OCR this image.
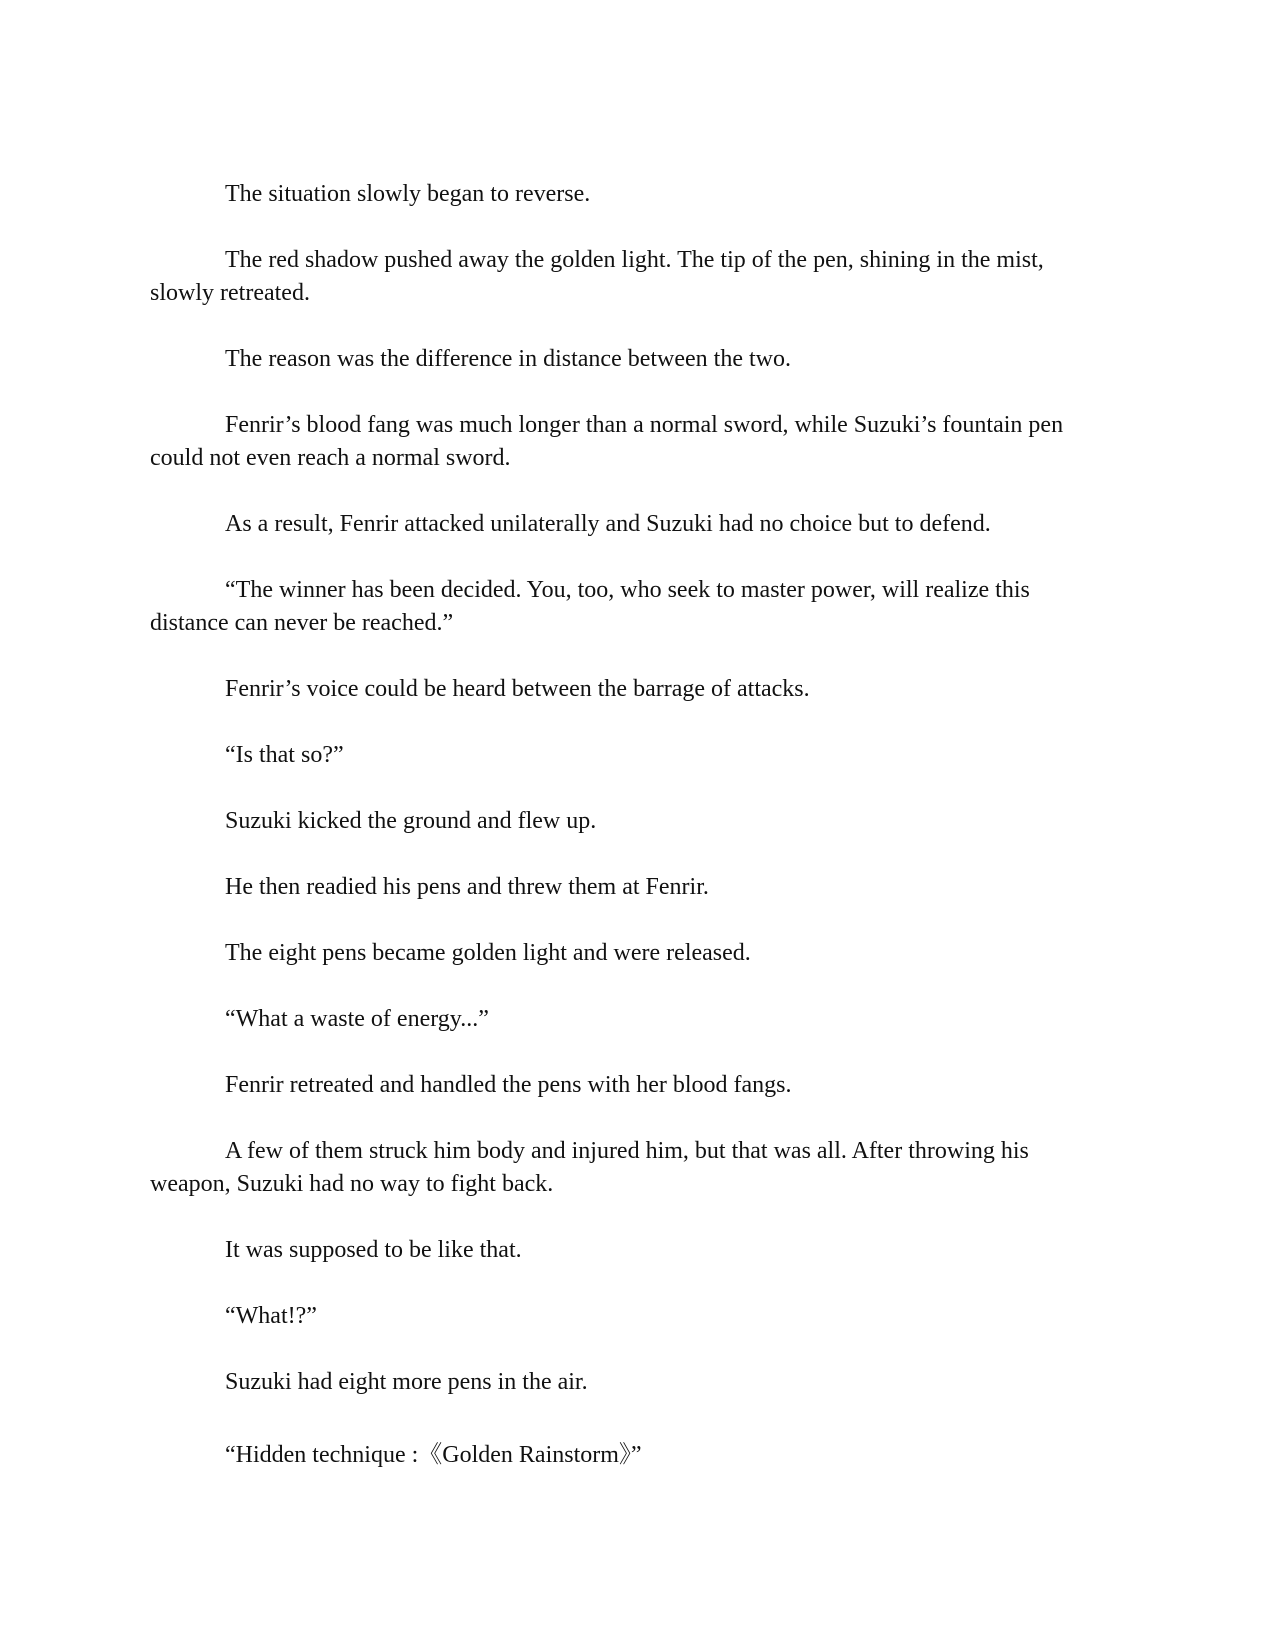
The situation slowly began to reverse.

The red shadow pushed away the golden light. The tip of the pen, shining in the mist, slowly retreated.

The reason was the difference in distance between the two.

Fenrir’s blood fang was much longer than a normal sword, while Suzuki’s fountain pen could not even reach a normal sword.

As a result, Fenrir attacked unilaterally and Suzuki had no choice but to defend.

“The winner has been decided. You, too, who seek to master power, will realize this distance can never be reached.”

Fenrir’s voice could be heard between the barrage of attacks.

“Is that so?”

Suzuki kicked the ground and flew up.

He then readied his pens and threw them at Fenrir.

The eight pens became golden light and were released.

“What a waste of energy...”

Fenrir retreated and handled the pens with her blood fangs.

A few of them struck him body and injured him, but that was all. After throwing his weapon, Suzuki had no way to fight back.

It was supposed to be like that.

“What!?”

Suzuki had eight more pens in the air.

“Hidden technique :《Golden Rainstorm》”
